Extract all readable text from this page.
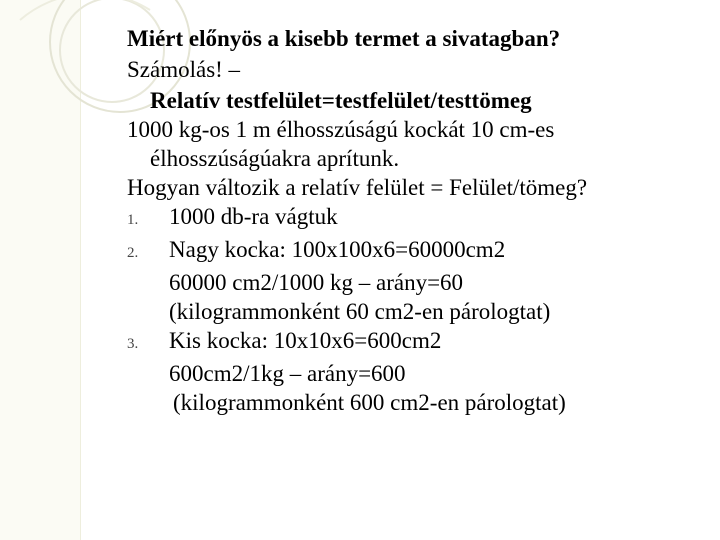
Miért előnyös a kisebb termet a sivatagban?
Számolás! –
Relatív testfelület=testfelület/testtömeg
1000 kg-os 1 m élhosszúságú kockát 10 cm-es
élhosszúságúakra aprítunk.
Hogyan változik a relatív felület = Felület/tömeg?
1. 1000 db-ra vágtuk
2. Nagy kocka: 100x100x6=60000cm2
60000 cm2/1000 kg – arány=60
(kilogrammonként 60 cm2-en párologtat)
3. Kis kocka: 10x10x6=600cm2
600cm2/1kg – arány=600
(kilogrammonként 600 cm2-en párologtat)
